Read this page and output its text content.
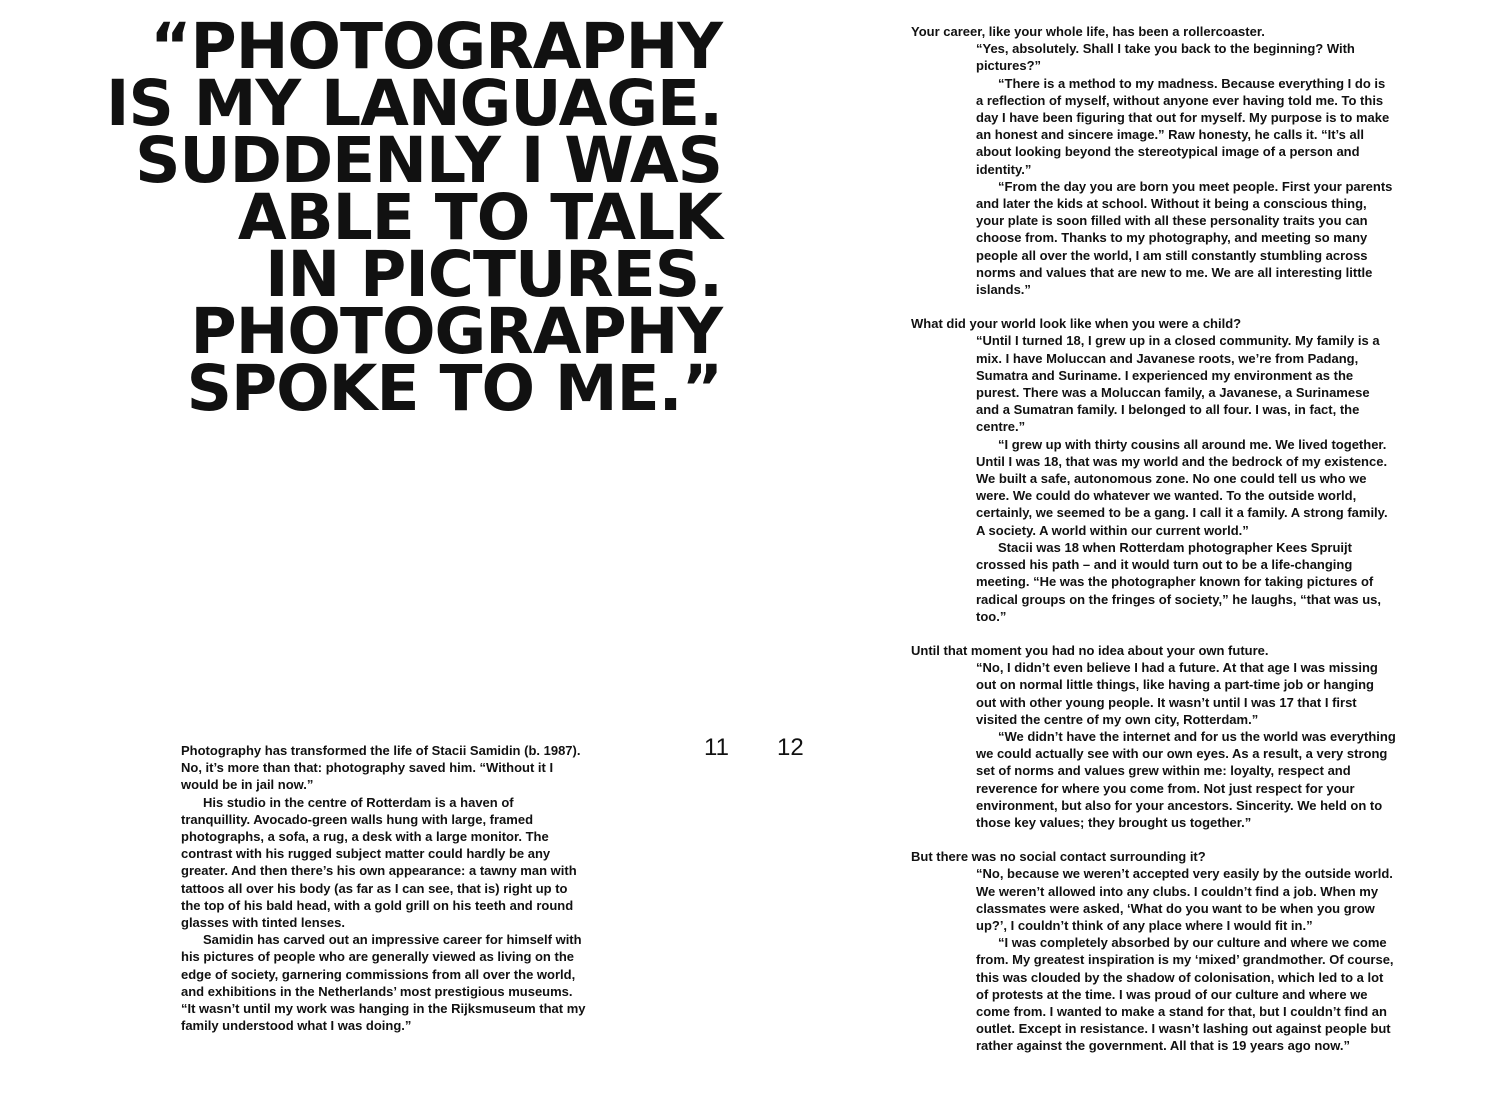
“PHOTOGRAPHY
IS MY LANGUAGE.
SUDDENLY I WAS
ABLE TO TALK
IN PICTURES.
PHOTOGRAPHY
SPOKE TO ME.”

Photography has transformed the life of Stacii Samidin (b. 1987). No, it’s more than that: photography saved him. “Without it I would be in jail now.”

His studio in the centre of Rotterdam is a haven of tranquillity. Avocado-green walls hung with large, framed photographs, a sofa, a rug, a desk with a large monitor. The contrast with his rugged subject matter could hardly be any greater. And then there’s his own appearance: a tawny man with tattoos all over his body (as far as I can see, that is) right up to the top of his bald head, with a gold grill on his teeth and round glasses with tinted lenses.

Samidin has carved out an impressive career for himself with his pictures of people who are generally viewed as living on the edge of society, garnering commissions from all over the world, and exhibitions in the Netherlands’ most prestigious museums. “It wasn’t until my work was hanging in the Rijksmuseum that my family understood what I was doing.”

11 12

Your career, like your whole life, has been a rollercoaster.

“Yes, absolutely. Shall I take you back to the beginning? With pictures?”

“There is a method to my madness. Because everything I do is a reflection of myself, without anyone ever having told me. To this day I have been figuring that out for myself. My purpose is to make an honest and sincere image.” Raw honesty, he calls it. “It’s all about looking beyond the stereotypical image of a person and identity.”

“From the day you are born you meet people. First your parents and later the kids at school. Without it being a conscious thing, your plate is soon filled with all these personality traits you can choose from. Thanks to my photography, and meeting so many people all over the world, I am still constantly stumbling across norms and values that are new to me. We are all interesting little islands.”

What did your world look like when you were a child?

“Until I turned 18, I grew up in a closed community. My family is a mix. I have Moluccan and Javanese roots, we’re from Padang, Sumatra and Suriname. I experienced my environment as the purest. There was a Moluccan family, a Javanese, a Surinamese and a Sumatran family. I belonged to all four. I was, in fact, the centre.”

“I grew up with thirty cousins all around me. We lived together. Until I was 18, that was my world and the bedrock of my existence. We built a safe, autonomous zone. No one could tell us who we were. We could do whatever we wanted. To the outside world, certainly, we seemed to be a gang. I call it a family. A strong family. A society. A world within our current world.”

Stacii was 18 when Rotterdam photographer Kees Spruijt crossed his path – and it would turn out to be a life-changing meeting. “He was the photographer known for taking pictures of radical groups on the fringes of society,” he laughs, “that was us, too.”

Until that moment you had no idea about your own future.

“No, I didn’t even believe I had a future. At that age I was missing out on normal little things, like having a part-time job or hanging out with other young people. It wasn’t until I was 17 that I first visited the centre of my own city, Rotterdam.”

“We didn’t have the internet and for us the world was everything we could actually see with our own eyes. As a result, a very strong set of norms and values grew within me: loyalty, respect and reverence for where you come from. Not just respect for your environment, but also for your ancestors. Sincerity. We held on to those key values; they brought us together.”

But there was no social contact surrounding it?

“No, because we weren’t accepted very easily by the outside world. We weren’t allowed into any clubs. I couldn’t find a job. When my classmates were asked, ‘What do you want to be when you grow up?’, I couldn’t think of any place where I would fit in.”

“I was completely absorbed by our culture and where we come from. My greatest inspiration is my ‘mixed’ grandmother. Of course, this was clouded by the shadow of colonisation, which led to a lot of protests at the time. I was proud of our culture and where we come from. I wanted to make a stand for that, but I couldn’t find an outlet. Except in resistance. I wasn’t lashing out against people but rather against the government. All that is 19 years ago now.”
